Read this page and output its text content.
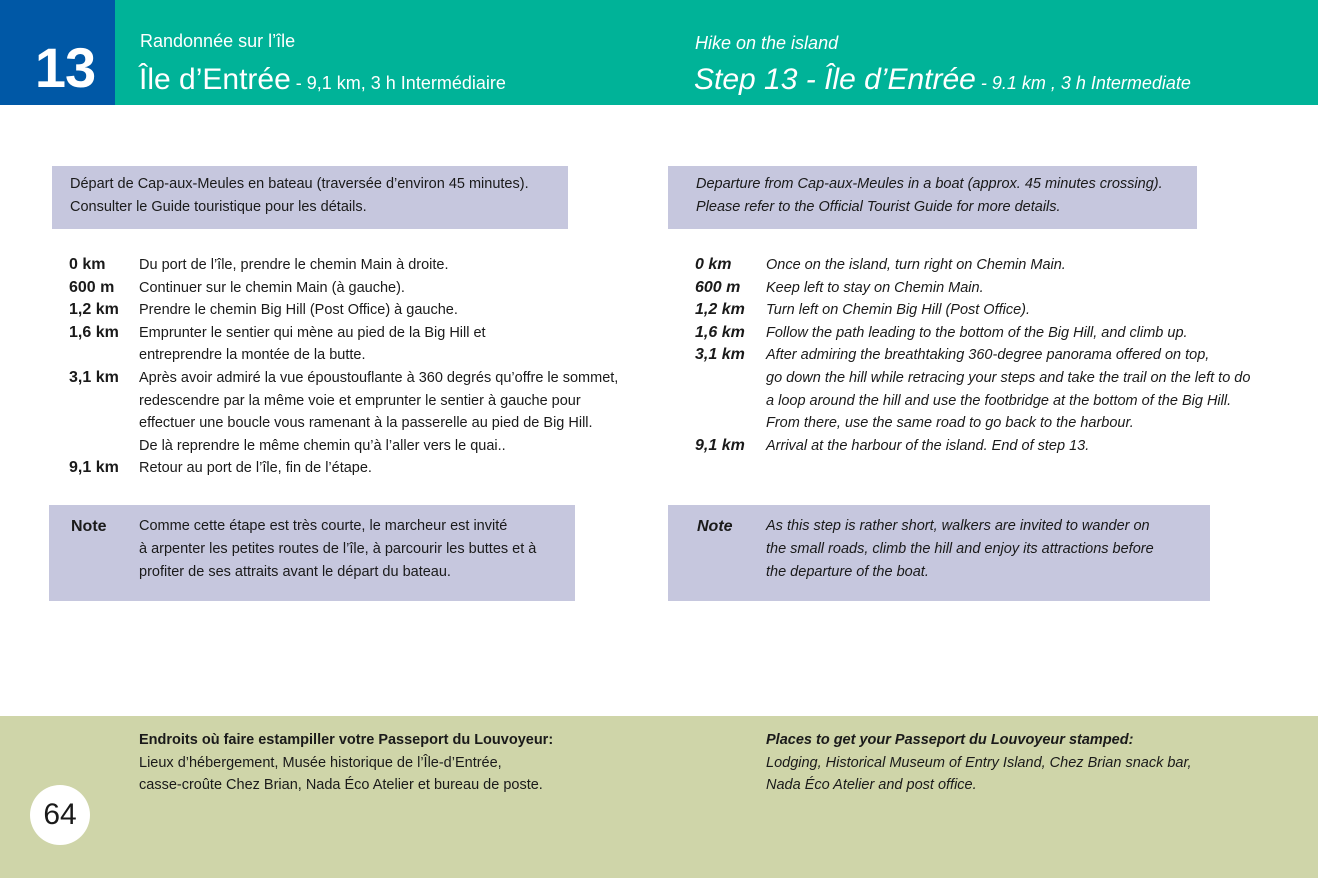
13	Randonnée sur l’île
Île d’Entrée - 9,1 km, 3 h Intermédiaire
Hike on the island
Step 13 - Île d’Entrée - 9.1 km , 3 h Intermediate
Départ de Cap-aux-Meules en bateau (traversée d’environ 45 minutes).
Consulter le Guide touristique pour les détails.
Departure from Cap-aux-Meules in a boat (approx. 45 minutes crossing).
Please refer to the Official Tourist Guide for more details.
0 km Du port de l’île, prendre le chemin Main à droite.
600 m Continuer sur le chemin Main (à gauche).
1,2 km Prendre le chemin Big Hill (Post Office) à gauche.
1,6 km Emprunter le sentier qui mène au pied de la Big Hill et
entreprendre la montée de la butte.
3,1 km Après avoir admiré la vue époustouflante à 360 degrés qu’offre le sommet,
redescendre par la même voie et emprunter le sentier à gauche pour
effectuer une boucle vous ramenant à la passerelle au pied de Big Hill.
De là reprendre le même chemin qu’à l’aller vers le quai..
9,1 km Retour au port de l’île, fin de l’étape.
0 km Once on the island, turn right on Chemin Main.
600 m Keep left to stay on Chemin Main.
1,2 km Turn left on Chemin Big Hill (Post Office).
1,6 km Follow the path leading to the bottom of the Big Hill, and climb up.
3,1 km After admiring the breathtaking 360-degree panorama offered on top,
go down the hill while retracing your steps and take the trail on the left to do
a loop around the hill and use the footbridge at the bottom of the Big Hill.
From there, use the same road to go back to the harbour.
9,1 km Arrival at the harbour of the island. End of step 13.
Note Comme cette étape est très courte, le marcheur est invité
à arpenter les petites routes de l’île, à parcourir les buttes et à
profiter de ses attraits avant le départ du bateau.
Note As this step is rather short, walkers are invited to wander on
the small roads, climb the hill and enjoy its attractions before
the departure of the boat.
Endroits où faire estampiller votre Passeport du Louvoyeur:
Lieux d’hébergement, Musée historique de l’Île-d’Entrée,
casse-croûte Chez Brian, Nada Éco Atelier et bureau de poste.
Places to get your Passeport du Louvoyeur stamped:
Lodging, Historical Museum of Entry Island, Chez Brian snack bar,
Nada Éco Atelier and post office.
64
